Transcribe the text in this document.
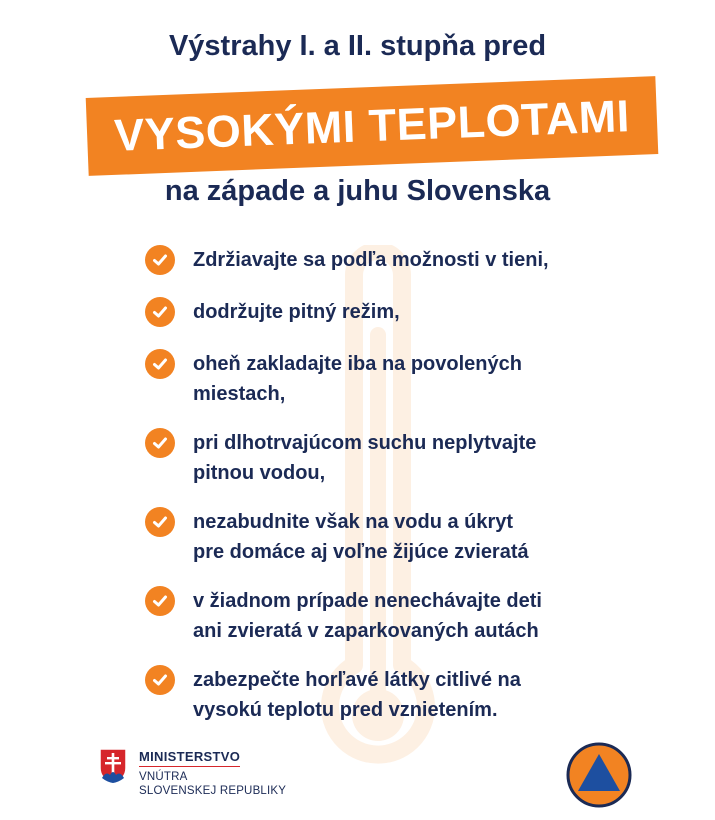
Výstrahy I. a II. stupňa pred
VYSOKÝMI TEPLOTAMI
na západe a juhu Slovenska
Zdržiavajte sa podľa možnosti v tieni,
dodržujte pitný režim,
oheň zakladajte iba na povolených
miestach,
pri dlhotrvajúcom suchu neplytvajte
pitnou vodou,
nezabudnite však na vodu a úkryt
pre domáce aj voľne žijúce zvieratá
v žiadnom prípade nenechávajte deti
ani zvieratá v zaparkovaných autách
zabezpečte horľavé látky citlivé na
vysokú teplotu pred vznietením.
MINISTERSTVO
VNÚTRA
SLOVENSKEJ REPUBLIKY
